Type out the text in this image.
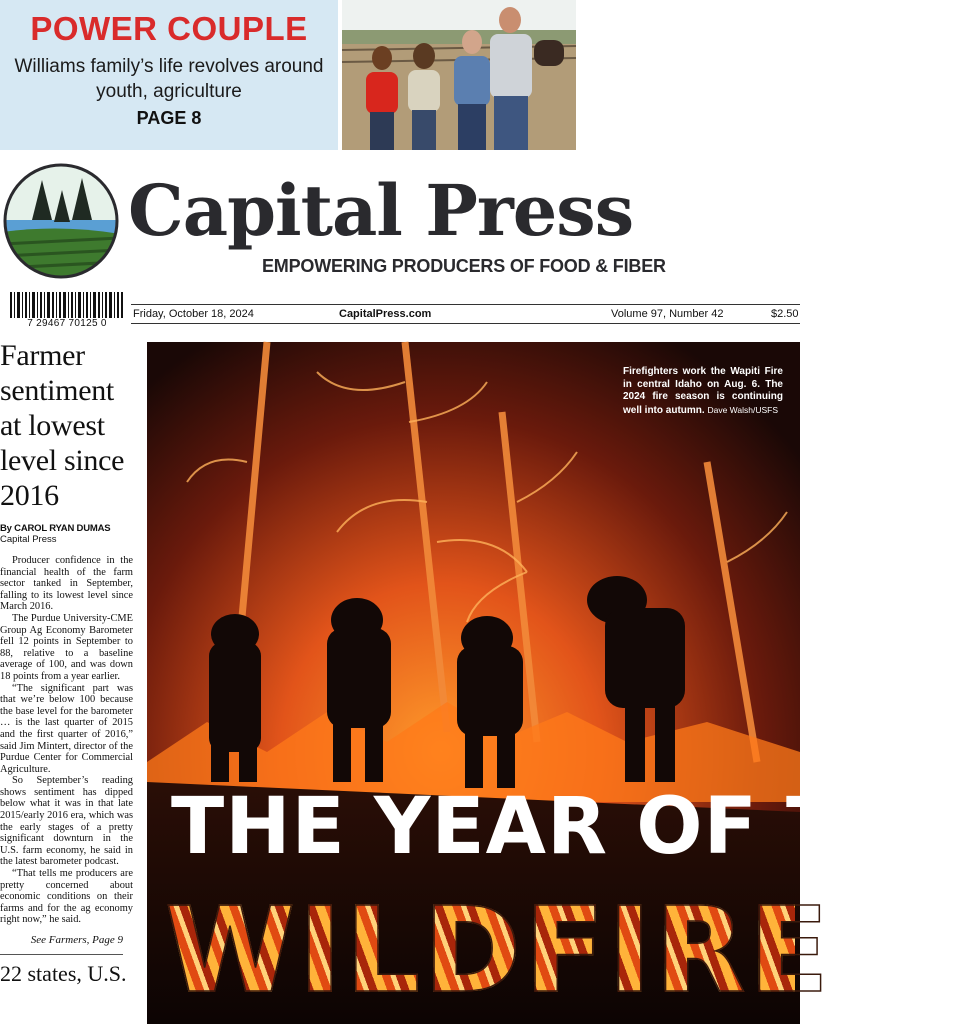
POWER COUPLE
Williams family’s life revolves around youth, agriculture
PAGE 8
Capital Press
EMPOWERING PRODUCERS OF FOOD & FIBER
7 29467 70125 0
Friday, October 18, 2024	CapitalPress.com	Volume 97, Number 42	$2.50
Farmer sentiment at lowest level since 2016
By CAROL RYAN DUMAS
Capital Press

Producer confidence in the financial health of the farm sector tanked in September, falling to its lowest level since March 2016.

The Purdue University-CME Group Ag Economy Barometer fell 12 points in September to 88, relative to a baseline average of 100, and was down 18 points from a year earlier.

“The significant part was that we’re below 100 because the base level for the barometer … is the last quarter of 2015 and the first quarter of 2016,” said Jim Mintert, director of the Purdue Center for Commercial Agriculture.

So September’s reading shows sentiment has dipped below what it was in that late 2015/early 2016 era, which was the early stages of a pretty significant downturn in the U.S. farm economy, he said in the latest barometer podcast.

“That tells me producers are pretty concerned about economic conditions on their farms and for the ag economy right now,” he said.

See Farmers, Page 9
22 states, U.S.
Firefighters work the Wapiti Fire in central Idaho on Aug. 6. The 2024 fire season is continuing well into autumn. Dave Walsh/USFS
THE YEAR OF THE
WILDFIRE
